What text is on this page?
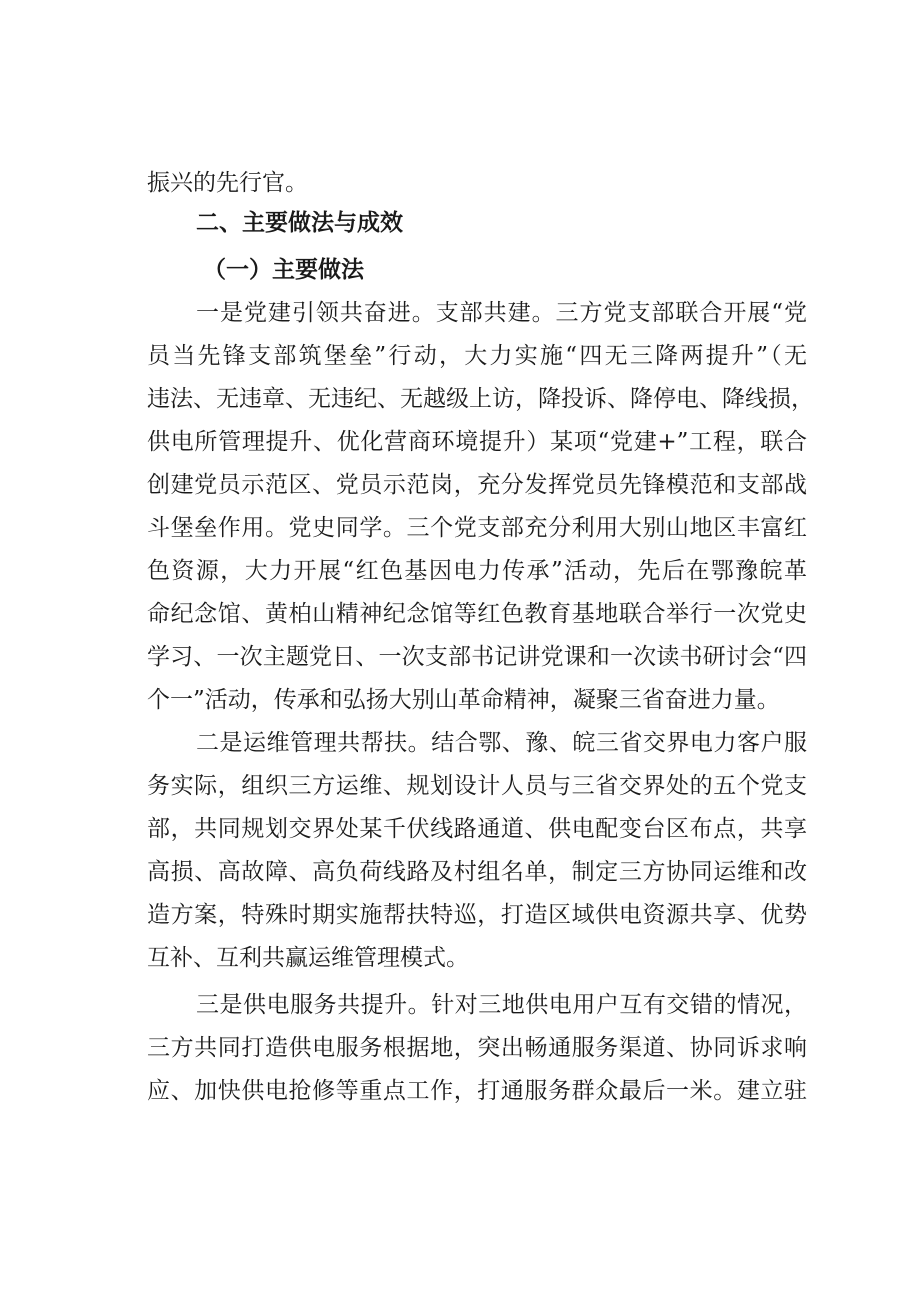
振兴的先行官。
二、主要做法与成效
（一）主要做法
一是党建引领共奋进。支部共建。三方党支部联合开展“党
员当先锋支部筑堡垒”行动，大力实施“四无三降两提升”（无
违法、无违章、无违纪、无越级上访，降投诉、降停电、降线损，
供电所管理提升、优化营商环境提升）某项“党建+”工程，联合
创建党员示范区、党员示范岗，充分发挥党员先锋模范和支部战
斗堡垒作用。党史同学。三个党支部充分利用大别山地区丰富红
色资源，大力开展“红色基因电力传承”活动，先后在鄂豫皖革
命纪念馆、黄柏山精神纪念馆等红色教育基地联合举行一次党史
学习、一次主题党日、一次支部书记讲党课和一次读书研讨会“四
个一”活动，传承和弘扬大别山革命精神，凝聚三省奋进力量。
二是运维管理共帮扶。结合鄂、豫、皖三省交界电力客户服
务实际，组织三方运维、规划设计人员与三省交界处的五个党支
部，共同规划交界处某千伏线路通道、供电配变台区布点，共享
高损、高故障、高负荷线路及村组名单，制定三方协同运维和改
造方案，特殊时期实施帮扶特巡，打造区域供电资源共享、优势
互补、互利共赢运维管理模式。
三是供电服务共提升。针对三地供电用户互有交错的情况，
三方共同打造供电服务根据地，突出畅通服务渠道、协同诉求响
应、加快供电抢修等重点工作，打通服务群众最后一米。建立驻
